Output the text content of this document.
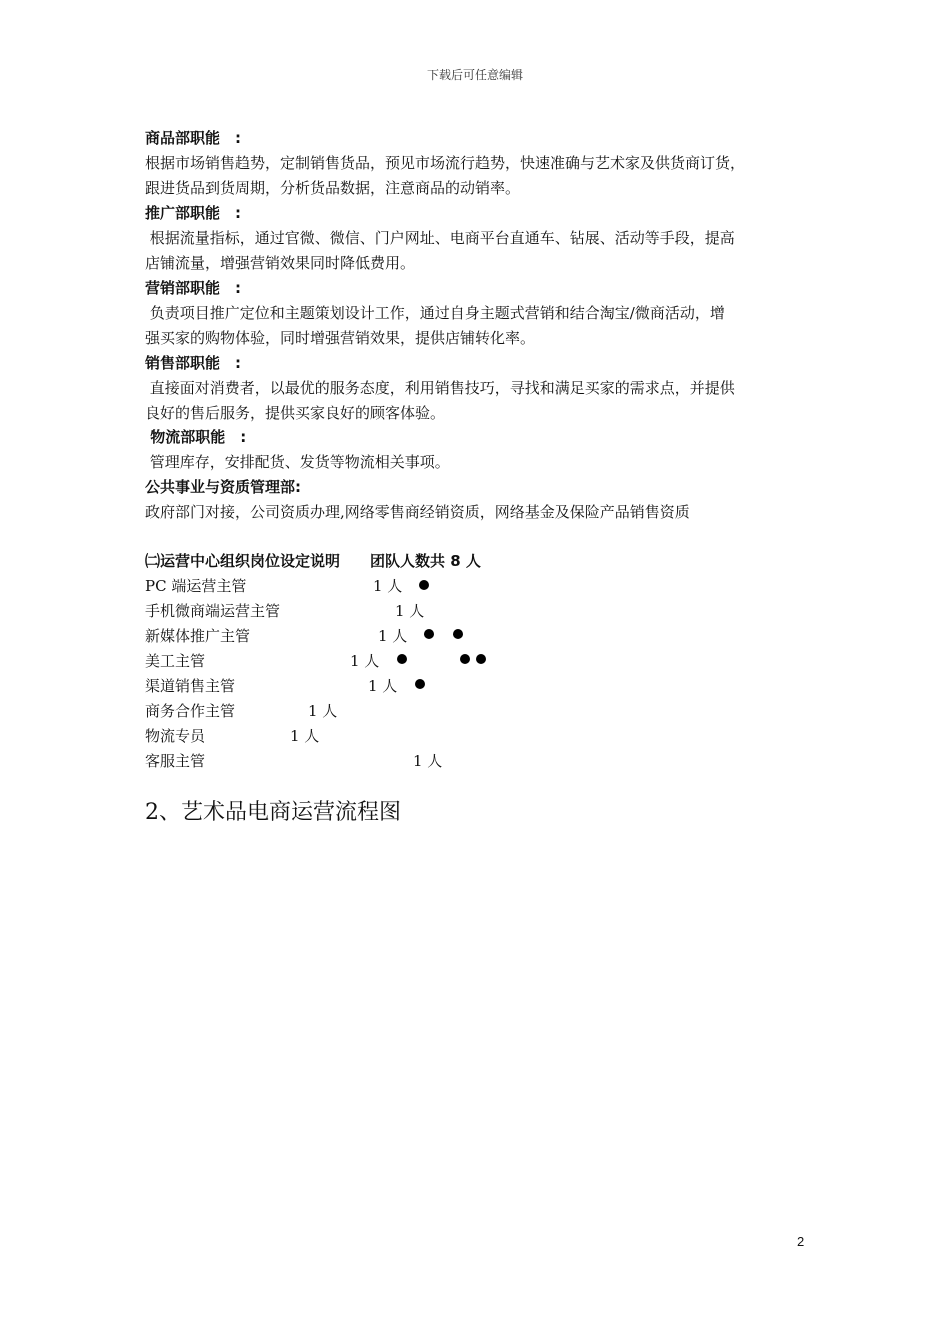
下载后可任意编辑
商品部职能　:
根据市场销售趋势，定制销售货品，预见市场流行趋势，快速准确与艺术家及供货商订货，
跟进货品到货周期，分析货品数据，注意商品的动销率。
推广部职能　:
根据流量指标，通过官微、微信、门户网址、电商平台直通车、钻展、活动等手段，提高
店铺流量，增强营销效果同时降低费用。
营销部职能　:
负责项目推广定位和主题策划设计工作，通过自身主题式营销和结合淘宝/微商活动，增
强买家的购物体验，同时增强营销效果，提供店铺转化率。
销售部职能　:
直接面对消费者，以最优的服务态度，利用销售技巧，寻找和满足买家的需求点，并提供
良好的售后服务，提供买家良好的顾客体验。
物流部职能　:
管理库存，安排配货、发货等物流相关事项。
公共事业与资质管理部:
政府部门对接，公司资质办理,网络零售商经销资质，网络基金及保险产品销售资质
㈡运营中心组织岗位设定说明　　团队人数共 8 人
PC 端运营主管	1 人
手机微商端运营主管	1 人
新媒体推广主管	1 人
美工主管	1 人
渠道销售主管	1 人
商务合作主管	1 人
物流专员	1 人
客服主管	1 人
2、艺术品电商运营流程图
2
